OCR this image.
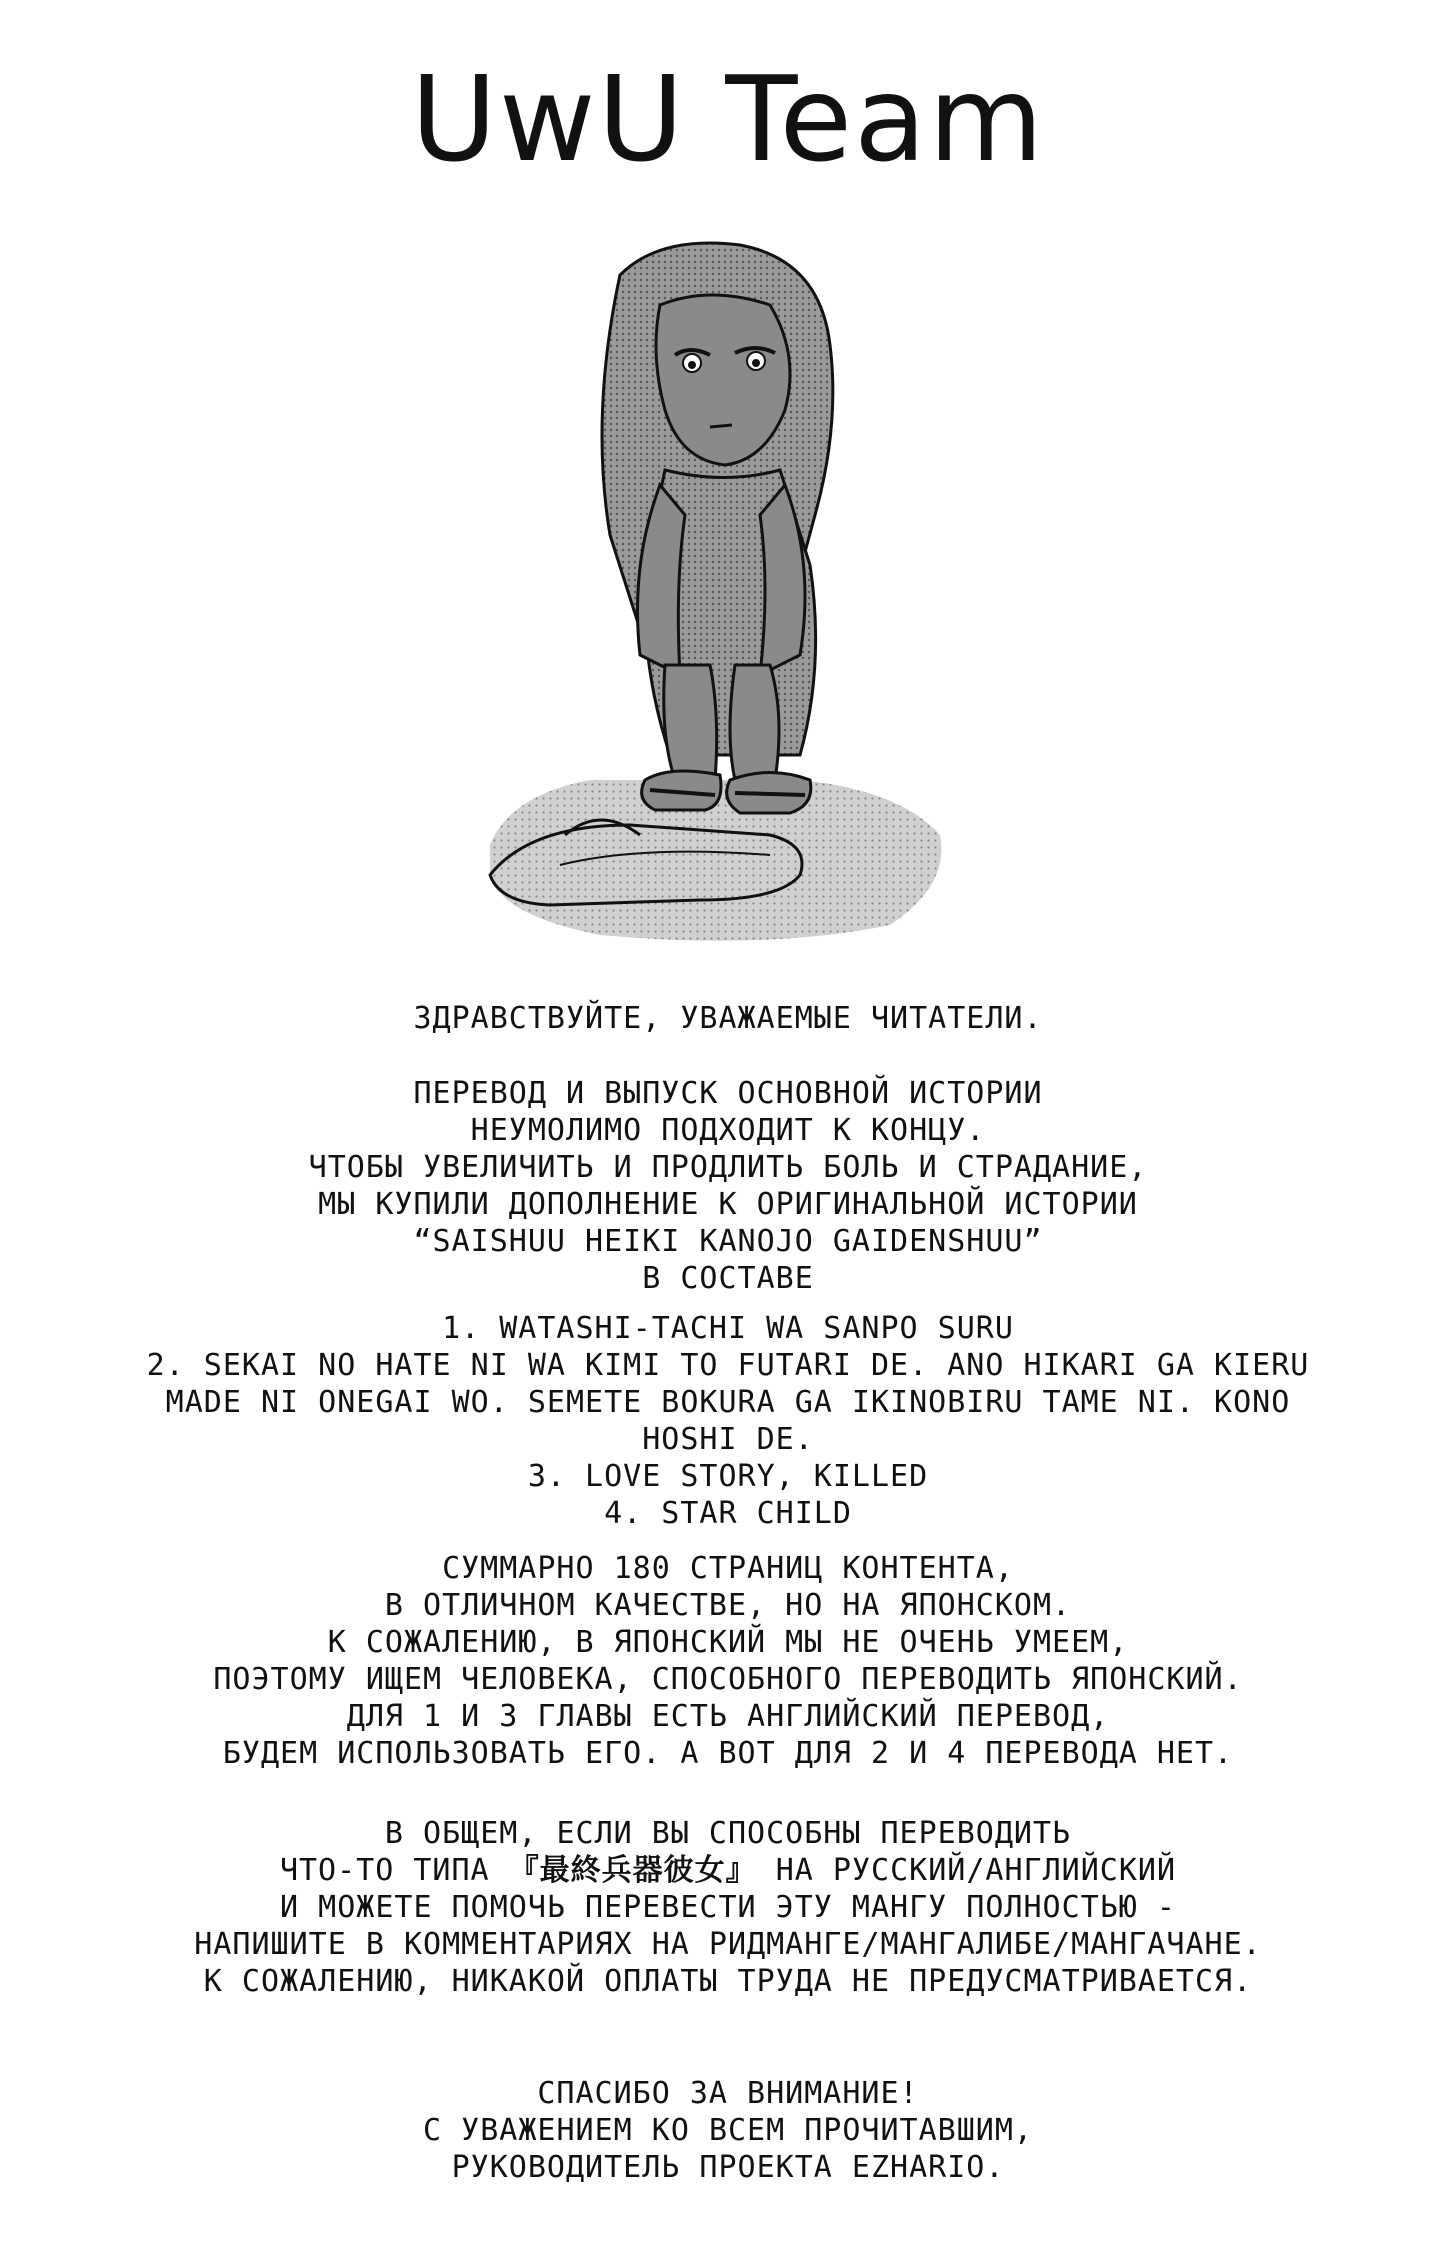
UwU Team
ЗДРАВСТВУЙТЕ, УВАЖАЕМЫЕ ЧИТАТЕЛИ.
ПЕРЕВОД И ВЫПУСК ОСНОВНОЙ ИСТОРИИ
НЕУМОЛИМО ПОДХОДИТ К КОНЦУ.
ЧТОБЫ УВЕЛИЧИТЬ И ПРОДЛИТЬ БОЛЬ И СТРАДАНИЕ,
МЫ КУПИЛИ ДОПОЛНЕНИЕ К ОРИГИНАЛЬНОЙ ИСТОРИИ
“SAISHUU HEIKI KANOJO GAIDENSHUU”
В СОСТАВЕ
1. WATASHI-TACHI WA SANPO SURU
2. SEKAI NO HATE NI WA KIMI TO FUTARI DE. ANO HIKARI GA KIERU
MADE NI ONEGAI WO. SEMETE BOKURA GA IKINOBIRU TAME NI. KONO
HOSHI DE.
3. LOVE STORY, KILLED
4. STAR CHILD
СУММАРНО 180 СТРАНИЦ КОНТЕНТА,
В ОТЛИЧНОМ КАЧЕСТВЕ, НО НА ЯПОНСКОМ.
К СОЖАЛЕНИЮ, В ЯПОНСКИЙ МЫ НЕ ОЧЕНЬ УМЕЕМ,
ПОЭТОМУ ИЩЕМ ЧЕЛОВЕКА, СПОСОБНОГО ПЕРЕВОДИТЬ ЯПОНСКИЙ.
ДЛЯ 1 И 3 ГЛАВЫ ЕСТЬ АНГЛИЙСКИЙ ПЕРЕВОД,
БУДЕМ ИСПОЛЬЗОВАТЬ ЕГО. А ВОТ ДЛЯ 2 И 4 ПЕРЕВОДА НЕТ.
В ОБЩЕМ, ЕСЛИ ВЫ СПОСОБНЫ ПЕРЕВОДИТЬ
ЧТО-ТО ТИПА 『最終兵器彼女』 НА РУССКИЙ/АНГЛИЙСКИЙ
И МОЖЕТЕ ПОМОЧЬ ПЕРЕВЕСТИ ЭТУ МАНГУ ПОЛНОСТЬЮ -
НАПИШИТЕ В КОММЕНТАРИЯХ НА РИДМАНГЕ/МАНГАЛИБЕ/МАНГАЧАНЕ.
К СОЖАЛЕНИЮ, НИКАКОЙ ОПЛАТЫ ТРУДА НЕ ПРЕДУСМАТРИВАЕТСЯ.
СПАСИБО ЗА ВНИМАНИЕ!
С УВАЖЕНИЕМ КО ВСЕМ ПРОЧИТАВШИМ,
РУКОВОДИТЕЛЬ ПРОЕКТА EZHARIO.
